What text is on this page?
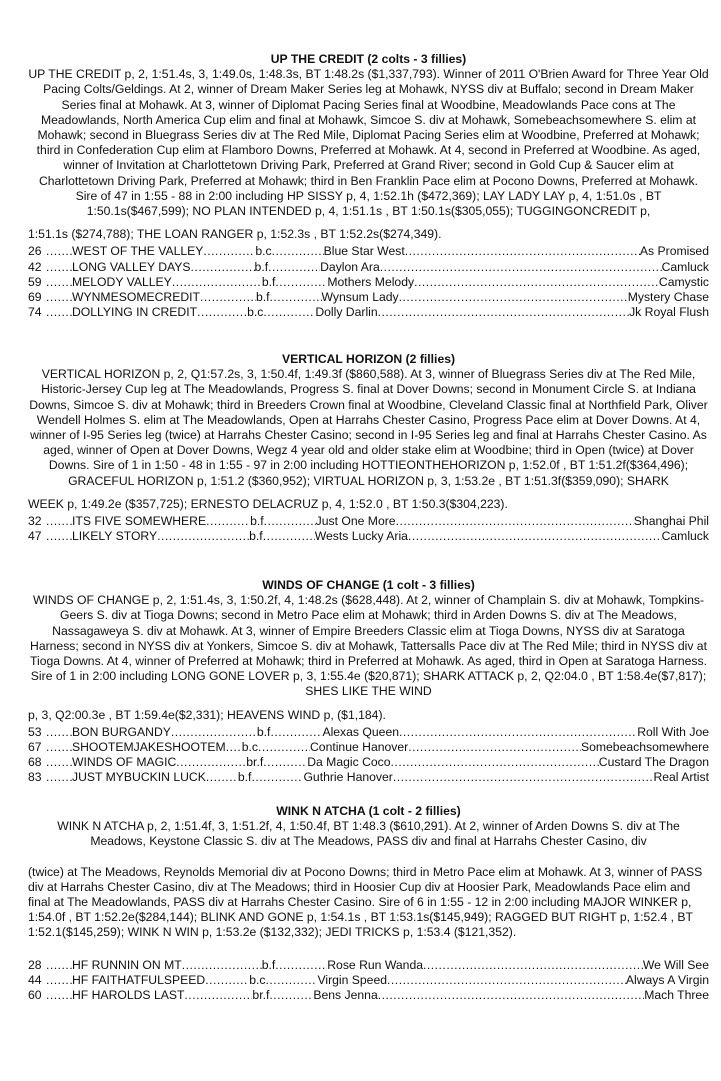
UP THE CREDIT (2 colts - 3 fillies)
UP THE CREDIT p, 2, 1:51.4s, 3, 1:49.0s, 1:48.3s, BT 1:48.2s ($1,337,793). Winner of 2011 O'Brien Award for Three Year Old Pacing Colts/Geldings. At 2, winner of Dream Maker Series leg at Mohawk, NYSS div at Buffalo; second in Dream Maker Series final at Mohawk. At 3, winner of Diplomat Pacing Series final at Woodbine, Meadowlands Pace cons at The Meadowlands, North America Cup elim and final at Mohawk, Simcoe S. div at Mohawk, Somebeachsomewhere S. elim at Mohawk; second in Bluegrass Series div at The Red Mile, Diplomat Pacing Series elim at Woodbine, Preferred at Mohawk; third in Confederation Cup elim at Flamboro Downs, Preferred at Mohawk. At 4, second in Preferred at Woodbine. As aged, winner of Invitation at Charlottetown Driving Park, Preferred at Grand River; second in Gold Cup & Saucer elim at Charlottetown Driving Park, Preferred at Mohawk; third in Ben Franklin Pace elim at Pocono Downs, Preferred at Mohawk. Sire of 47 in 1:55 - 88 in 2:00 including HP SISSY p, 4, 1:52.1h ($472,369); LAY LADY LAY p, 4, 1:51.0s , BT 1:50.1s($467,599); NO PLAN INTENDED p, 4, 1:51.1s , BT 1:50.1s($305,055); TUGGINGONCREDIT p,
1:51.1s ($274,788); THE LOAN RANGER p, 1:52.3s , BT 1:52.2s($274,349).
26 .....	WEST OF THE VALLEY .....	b.c .....	Blue Star West .....	As Promised
42 .....	LONG VALLEY DAYS .....	b.f .....	Daylon Ara .....	Camluck
59 .....	MELODY VALLEY .....	b.f .....	Mothers Melody .....	Camystic
69 .....	WYNMESOMECREDIT .....	b.f .....	Wynsum Lady .....	Mystery Chase
74 .....	DOLLYING IN CREDIT .....	b.c .....	Dolly Darlin .....	Jk Royal Flush
VERTICAL HORIZON (2 fillies)
VERTICAL HORIZON p, 2, Q1:57.2s, 3, 1:50.4f, 1:49.3f ($860,588). At 3, winner of Bluegrass Series div at The Red Mile, Historic-Jersey Cup leg at The Meadowlands, Progress S. final at Dover Downs; second in Monument Circle S. at Indiana Downs, Simcoe S. div at Mohawk; third in Breeders Crown final at Woodbine, Cleveland Classic final at Northfield Park, Oliver Wendell Holmes S. elim at The Meadowlands, Open at Harrahs Chester Casino, Progress Pace elim at Dover Downs. At 4, winner of I-95 Series leg (twice) at Harrahs Chester Casino; second in I-95 Series leg and final at Harrahs Chester Casino. As aged, winner of Open at Dover Downs, Wegz 4 year old and older stake elim at Woodbine; third in Open (twice) at Dover Downs. Sire of 1 in 1:50 - 48 in 1:55 - 97 in 2:00 including HOTTIEONTHEHORIZON p, 1:52.0f , BT 1:51.2f($364,496); GRACEFUL HORIZON p, 1:51.2 ($360,952); VIRTUAL HORIZON p, 3, 1:53.2e , BT 1:51.3f($359,090); SHARK
WEEK p, 1:49.2e ($357,725); ERNESTO DELACRUZ p, 4, 1:52.0 , BT 1:50.3($304,223).
32 .....	ITS FIVE SOMEWHERE .....	b.f .....	Just One More .....	Shanghai Phil
47 .....	LIKELY STORY .....	b.f .....	Wests Lucky Aria .....	Camluck
WINDS OF CHANGE (1 colt - 3 fillies)
WINDS OF CHANGE p, 2, 1:51.4s, 3, 1:50.2f, 4, 1:48.2s ($628,448). At 2, winner of Champlain S. div at Mohawk, Tompkins-Geers S. div at Tioga Downs; second in Metro Pace elim at Mohawk; third in Arden Downs S. div at The Meadows, Nassagaweya S. div at Mohawk. At 3, winner of Empire Breeders Classic elim at Tioga Downs, NYSS div at Saratoga Harness; second in NYSS div at Yonkers, Simcoe S. div at Mohawk, Tattersalls Pace div at The Red Mile; third in NYSS div at Tioga Downs. At 4, winner of Preferred at Mohawk; third in Preferred at Mohawk. As aged, third in Open at Saratoga Harness. Sire of 1 in 2:00 including LONG GONE LOVER p, 3, 1:55.4e ($20,871); SHARK ATTACK p, 2, Q2:04.0 , BT 1:58.4e($7,817); SHES LIKE THE WIND
p, 3, Q2:00.3e , BT 1:59.4e($2,331); HEAVENS WIND p, ($1,184).
53 .....	BON BURGANDY .....	b.f .....	Alexas Queen .....	Roll With Joe
67 .....	SHOOTEMJAKESHOOTEM ..... b.c .....	Continue Hanover .....	Somebeachsomewhere
68 .....	WINDS OF MAGIC .....	br.f .....	Da Magic Coco .....	Custard The Dragon
83 .....	JUST MYBUCKIN LUCK .....	b.f .....	Guthrie Hanover .....	Real Artist
WINK N ATCHA (1 colt - 2 fillies)
WINK N ATCHA p, 2, 1:51.4f, 3, 1:51.2f, 4, 1:50.4f, BT 1:48.3 ($610,291). At 2, winner of Arden Downs S. div at The Meadows, Keystone Classic S. div at The Meadows, PASS div and final at Harrahs Chester Casino, div
(twice) at The Meadows, Reynolds Memorial div at Pocono Downs; third in Metro Pace elim at Mohawk. At 3, winner of PASS div at Harrahs Chester Casino, div at The Meadows; third in Hoosier Cup div at Hoosier Park, Meadowlands Pace elim and final at The Meadowlands, PASS div at Harrahs Chester Casino. Sire of 6 in 1:55 - 12 in 2:00 including MAJOR WINKER p, 1:54.0f , BT 1:52.2e($284,144); BLINK AND GONE p, 1:54.1s , BT 1:53.1s($145,949); RAGGED BUT RIGHT p, 1:52.4 , BT 1:52.1($145,259); WINK N WIN p, 1:53.2e ($132,332); JEDI TRICKS p, 1:53.4 ($121,352).
28 .....	HF RUNNIN ON MT .....	b.f .....	Rose Run Wanda .....	We Will See
44 .....	HF FAITHATFULSPEED .....	b.c .....	Virgin Speed .....	Always A Virgin
60 .....	HF HAROLDS LAST .....	br.f .....	Bens Jenna .....	Mach Three
